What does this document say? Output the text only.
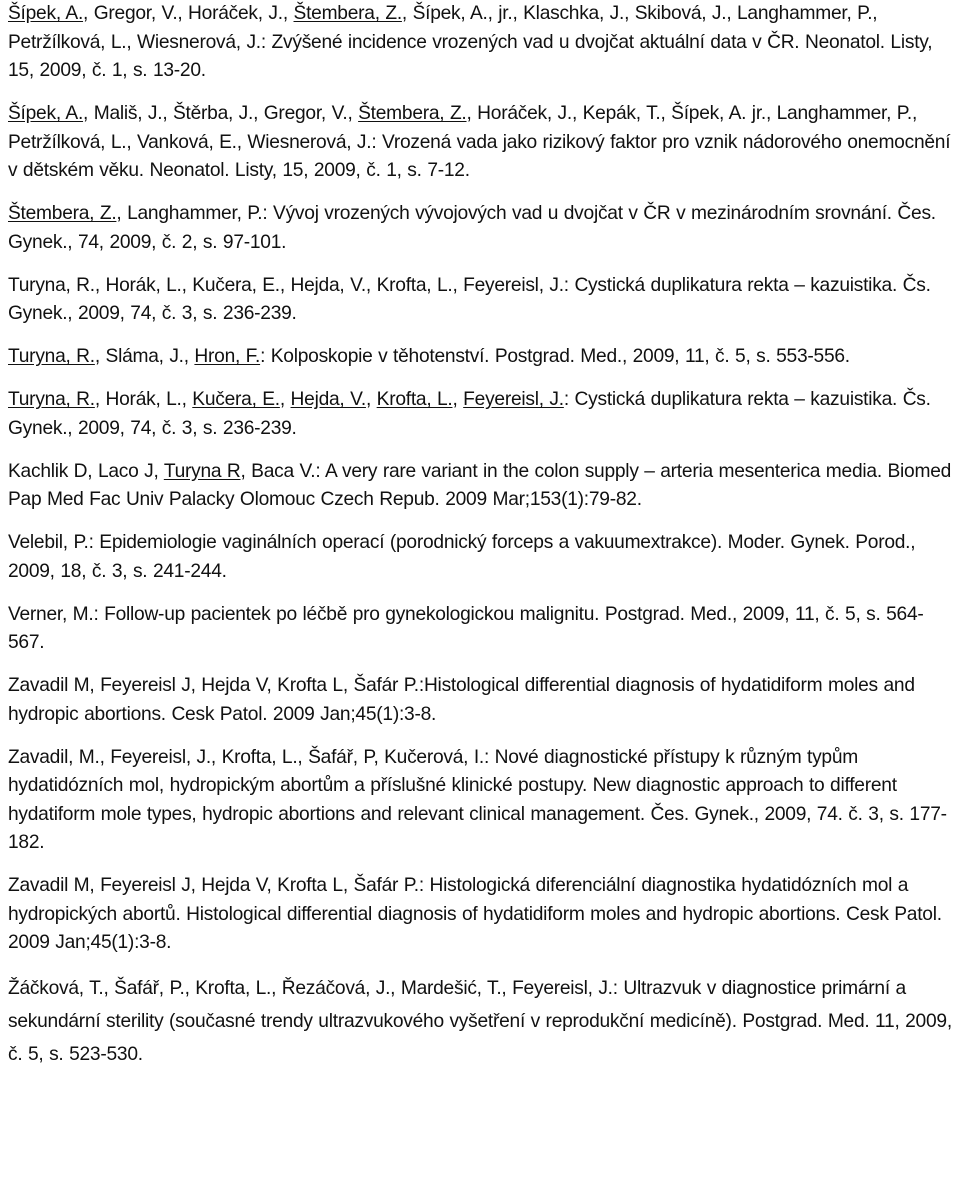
Šípek, A., Gregor, V., Horáček, J., Štembera, Z., Šípek, A., jr., Klaschka, J., Skibová, J., Langhammer, P., Petržílková, L., Wiesnerová, J.: Zvýšené incidence vrozených vad u dvojčat aktuální data v ČR. Neonatol. Listy, 15, 2009, č. 1, s. 13-20.

Šípek, A., Mališ, J., Štěrba, J., Gregor, V., Štembera, Z., Horáček, J., Kepák, T., Šípek, A. jr., Langhammer, P., Petržílková, L., Vanková, E., Wiesnerová, J.: Vrozená vada jako rizikový faktor pro vznik nádorového onemocnění v dětském věku. Neonatol. Listy, 15, 2009, č. 1, s. 7-12.

Štembera, Z., Langhammer, P.: Vývoj vrozených vývojových vad u dvojčat v ČR v mezinárodním srovnání. Čes. Gynek., 74, 2009, č. 2, s. 97-101.

Turyna, R., Horák, L., Kučera, E., Hejda, V., Krofta, L., Feyereisl, J.: Cystická duplikatura rekta – kazuistika. Čs. Gynek., 2009, 74, č. 3, s. 236-239.

Turyna, R., Sláma, J., Hron, F.: Kolposkopie v těhotenství. Postgrad. Med., 2009, 11, č. 5, s. 553-556.

Turyna, R., Horák, L., Kučera, E., Hejda, V., Krofta, L., Feyereisl, J.: Cystická duplikatura rekta – kazuistika. Čs. Gynek., 2009, 74, č. 3, s. 236-239.

Kachlik D, Laco J, Turyna R, Baca V.: A very rare variant in the colon supply – arteria mesenterica media. Biomed Pap Med Fac Univ Palacky Olomouc Czech Repub. 2009 Mar;153(1):79-82.

Velebil, P.: Epidemiologie vaginálních operací (porodnický forceps a vakuumextrakce). Moder. Gynek. Porod., 2009, 18, č. 3, s. 241-244.

Verner, M.: Follow-up pacientek po léčbě pro gynekologickou malignitu. Postgrad. Med., 2009, 11, č. 5, s. 564-567.

Zavadil M, Feyereisl J, Hejda V, Krofta L, Šafár P.:Histological differential diagnosis of hydatidiform moles and hydropic abortions. Cesk Patol. 2009 Jan;45(1):3-8.

Zavadil, M., Feyereisl, J., Krofta, L., Šafář, P, Kučerová, I.: Nové diagnostické přístupy k různým typům hydatidózních mol, hydropickým abortům a příslušné klinické postupy. New diagnostic approach to different hydatiform mole types, hydropic abortions and relevant clinical management. Čes. Gynek., 2009, 74. č. 3, s. 177-182.

Zavadil M, Feyereisl J, Hejda V, Krofta L, Šafár P.: Histologická diferenciální diagnostika hydatidózních mol a hydropických abortů. Histological differential diagnosis of hydatidiform moles and hydropic abortions. Cesk Patol. 2009 Jan;45(1):3-8.

Žáčková, T., Šafář, P., Krofta, L., Řezáčová, J., Mardešić, T., Feyereisl, J.: Ultrazvuk v diagnostice primární a sekundární sterility (současné trendy ultrazvukového vyšetření v reprodukční medicíně). Postgrad. Med. 11, 2009, č. 5, s. 523-530.
